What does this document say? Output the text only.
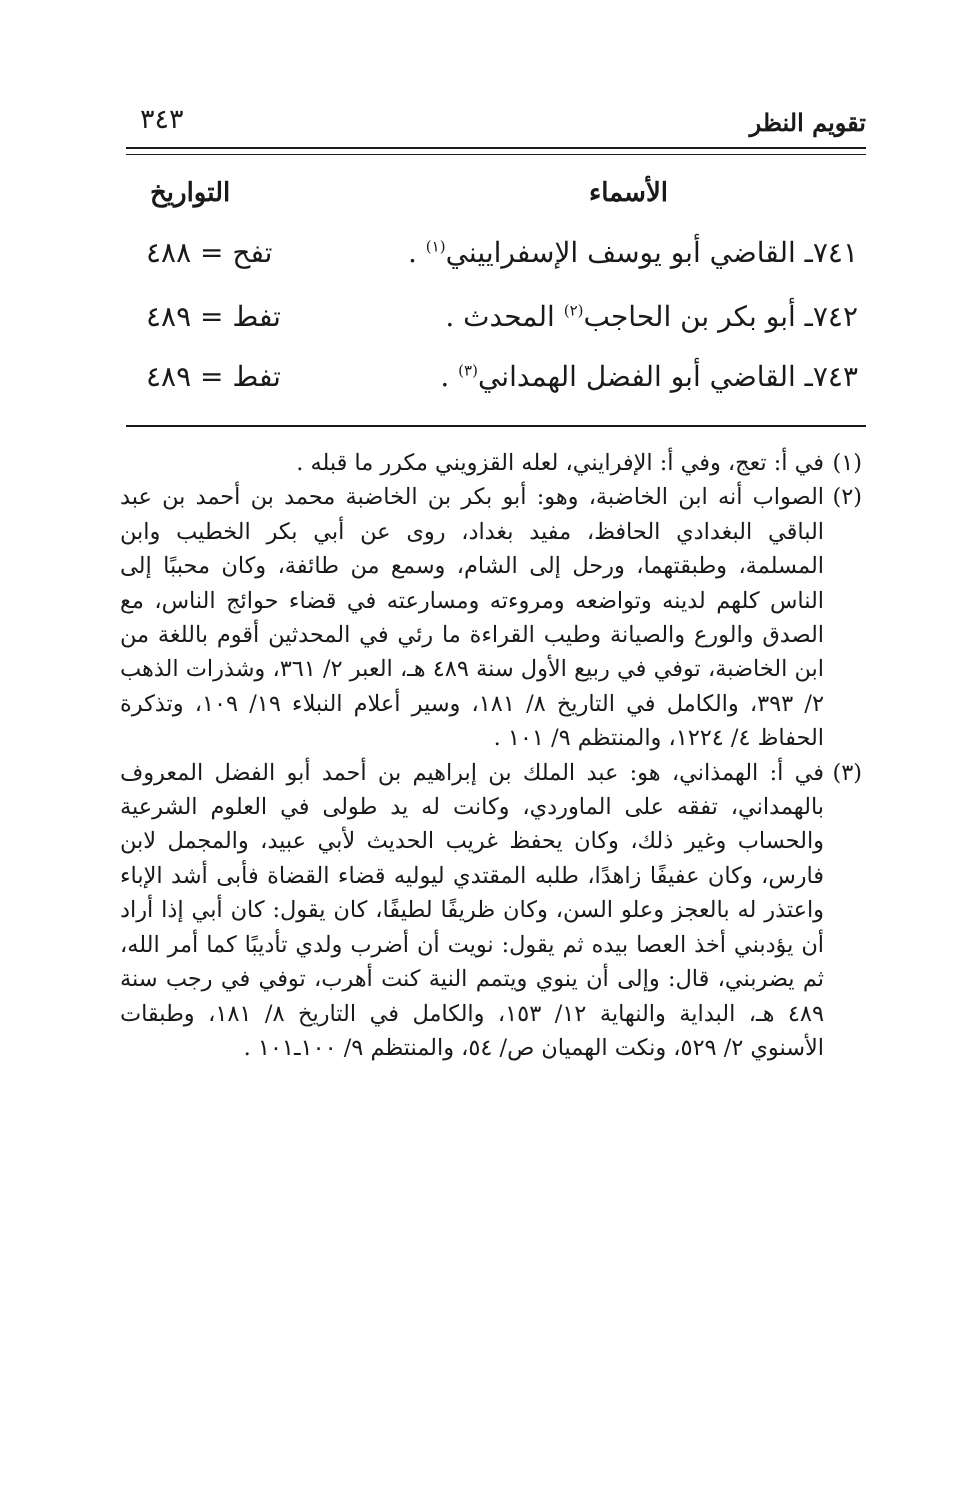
تقويم النظر
٣٤٣
الأسماء
التواريخ
٧٤١ـ القاضي أبو يوسف الإسفراييني$^{(١)}$ .
تفح = ٤٨٨
٧٤٢ـ أبو بكر بن الحاجب$^{(٢)}$ المحدث .
تفط = ٤٨٩
٧٤٣ـ القاضي أبو الفضل الهمداني$^{(٣)}$ .
تفط = ٤٨٩
(١)
في أ: تعج، وفي أ: الإفرايني، لعله القزويني مكرر ما قبله .
(٢)
الصواب أنه ابن الخاضبة، وهو: أبو بكر بن الخاضبة محمد بن أحمد بن عبد الباقي البغدادي الحافظ، مفيد بغداد، روى عن أبي بكر الخطيب وابن المسلمة، وطبقتهما، ورحل إلى الشام، وسمع من طائفة، وكان محببًا إلى الناس كلهم لدينه وتواضعه ومروءته ومسارعته في قضاء حوائج الناس، مع الصدق والورع والصيانة وطيب القراءة ما رئي في المحدثين أقوم باللغة من ابن الخاضبة، توفي في ربيع الأول سنة ٤٨٩ هـ، العبر ٢/ ٣٦١، وشذرات الذهب ٢/ ٣٩٣، والكامل في التاريخ ٨/ ١٨١، وسير أعلام النبلاء ١٩/ ١٠٩، وتذكرة الحفاظ ٤/ ١٢٢٤، والمنتظم ٩/ ١٠١ .
(٣)
في أ: الهمذاني، هو: عبد الملك بن إبراهيم بن أحمد أبو الفضل المعروف بالهمداني، تفقه على الماوردي، وكانت له يد طولى في العلوم الشرعية والحساب وغير ذلك، وكان يحفظ غريب الحديث لأبي عبيد، والمجمل لابن فارس، وكان عفيفًا زاهدًا، طلبه المقتدي ليوليه قضاء القضاة فأبى أشد الإباء واعتذر له بالعجز وعلو السن، وكان ظريفًا لطيفًا، كان يقول: كان أبي إذا أراد أن يؤدبني أخذ العصا بيده ثم يقول: نويت أن أضرب ولدي تأديبًا كما أمر الله، ثم يضربني، قال: وإلى أن ينوي ويتمم النية كنت أهرب، توفي في رجب سنة ٤٨٩ هـ، البداية والنهاية ١٢/ ١٥٣، والكامل في التاريخ ٨/ ١٨١، وطبقات الأسنوي ٢/ ٥٢٩، ونكت الهميان ص/ ٥٤، والمنتظم ٩/ ١٠٠ـ١٠١ .
